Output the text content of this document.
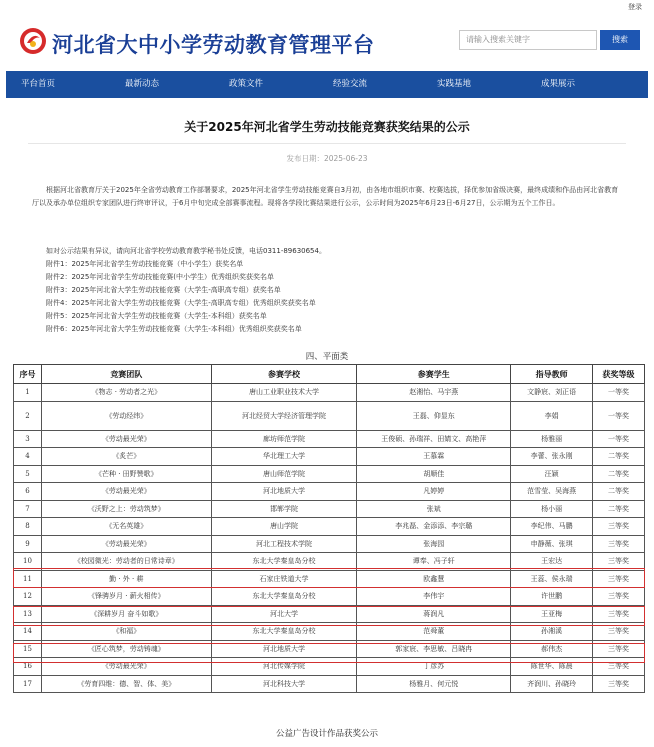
登录
河北省大中小学劳动教育管理平台	请输入搜索关键字	搜索
平台首页	最新动态	政策文件	经验交流	实践基地	成果展示
关于2025年河北省学生劳动技能竞赛获奖结果的公示
发布日期：2025-06-23
根据河北省教育厅关于2025年全省劳动教育工作部署要求，2025年河北省学生劳动技能竞赛自3月初，由各地市组织市赛、校赛选拔，择优参加省级决赛，最终成绩和作品由河北省教育厅以及承办单位组织专家团队进行终审评议，于6月中旬完成全部赛事流程。现将各学段比赛结果进行公示，公示时间为2025年6月23日-6月27日，公示期为五个工作日。
如对公示结果有异议，请向河北省学校劳动教育教学秘书处反馈，电话0311-89630654。
附件1：2025年河北省学生劳动技能竞赛（中小学生）获奖名单
附件2：2025年河北省学生劳动技能竞赛(中小学生）优秀组织奖获奖名单
附件3：2025年河北省大学生劳动技能竞赛（大学生-高职高专组）获奖名单
附件4：2025年河北省大学生劳动技能竞赛（大学生-高职高专组）优秀组织奖获奖名单
附件5：2025年河北省大学生劳动技能竞赛（大学生-本科组）获奖名单
附件6：2025年河北省大学生劳动技能竞赛（大学生-本科组）优秀组织奖获奖名单
四、平面类
序号	竞赛团队	参赛学校	参赛学生	指导教师	获奖等级
1	《物志 · 劳动者之光》	唐山工业职业技术大学	赵湘怡、马宇燕	文静宸、刘正语	一等奖
2	《劳动经纬》	河北经贸大学经济管理学院	王磊、仰显东	李娟	一等奖
3	《劳动最光荣》	廊坊师范学院	王俊硕、孙瑞祥、田婧文、高艳萍	杨雅丽	一等奖
4	《炙芒》	华北理工大学	王慕霖	李蕾、张永刚	二等奖
5	《芒种 · 田野赞歌》	唐山师范学院	胡顺佳	汪颖	二等奖
6	《劳动最光荣》	河北地质大学	凡婷婷	范雪莹、吴海燕	二等奖
7	《沃野之上：劳动筑梦》	邯郸学院	张斌	杨小丽	二等奖
8	《无名英雄》	唐山学院	李兆磊、金添添、李宗璐	李纪伟、马鹏	三等奖
9	《劳动最光荣》	河北工程技术学院	张海园	申静薇、张琪	三等奖
10	《校园微光：劳动者的日常诗章》	东北大学秦皇岛分校	谭奉、冯子轩	王宏达	三等奖
11	勤 · 外 · 耕	石家庄铁道大学	欧鑫慧	王蕊、侯永瑞	三等奖
12	《锋骋岁月 · 薪火相传》	东北大学秦皇岛分校	李伟宇	许世鹏	三等奖
13	《深耕岁月 奋斗如歌》	河北大学	蒋润凡	王亚梅	三等奖
14	《和福》	东北大学秦皇岛分校	范舜董	孙湘溪	三等奖
15	《匠心筑梦，劳动铸魂》	河北地质大学	郭家宸、李思敏、吕晓冉	郝伟杰	三等奖
16	《劳动最光荣》	河北传媒学院	丁彦苏	陈世华、陈晨	三等奖
17	《劳育四维：德、智、体、美》	河北科技大学	杨雅月、何元悦	齐润川、孙晓玲	三等奖
公益广告设计作品获奖公示
